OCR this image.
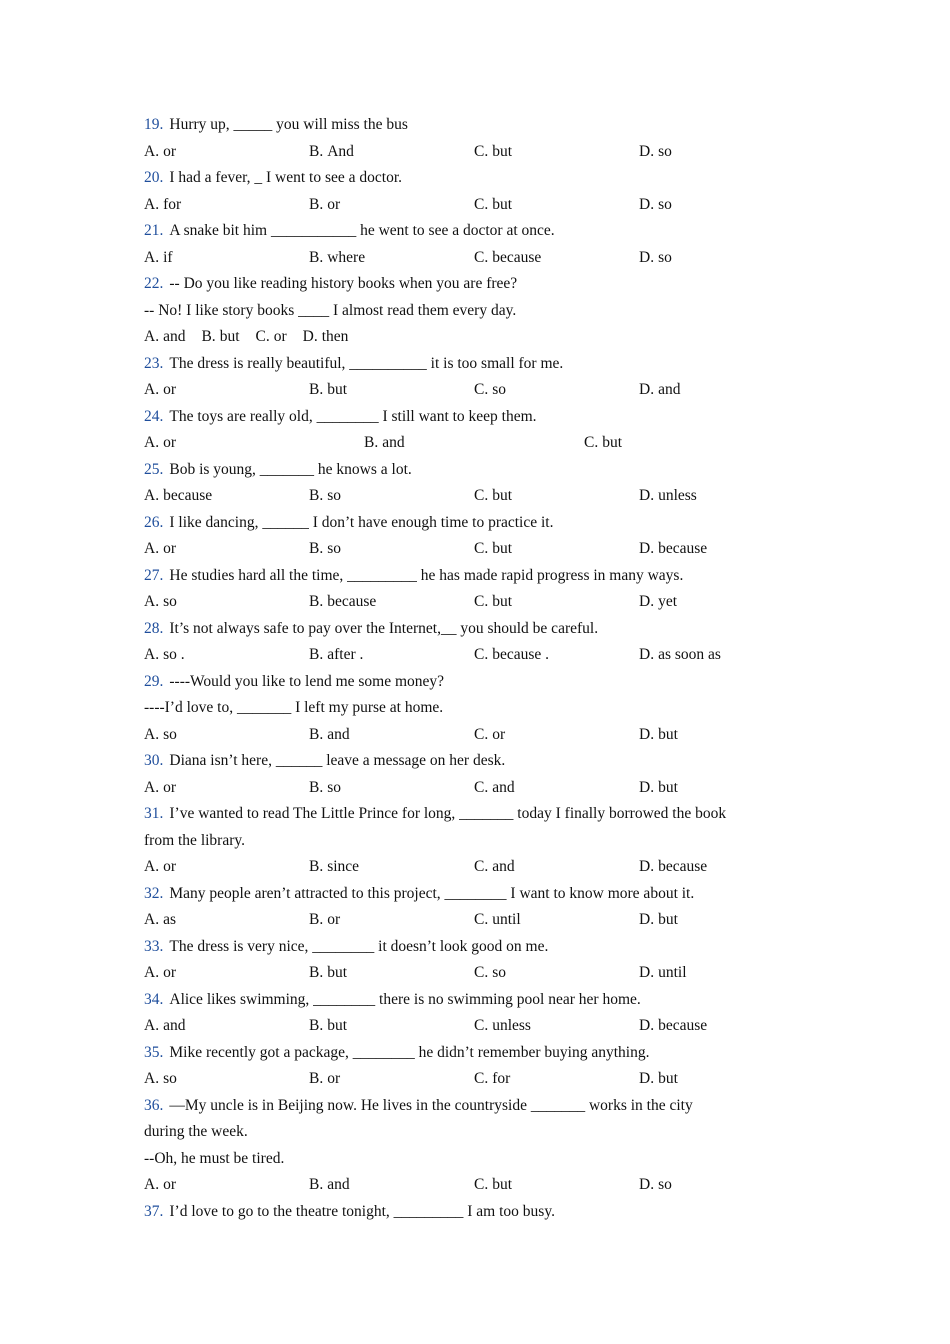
19. Hurry up, _____ you will miss the bus
A. or	B. And	C. but	D. so
20. I had a fever, _ I went to see a doctor.
A. for	B. or	C. but	D. so
21. A snake bit him ___________ he went to see a doctor at once.
A. if	B. where	C. because	D. so
22. -- Do you like reading history books when you are free?
-- No! I like story books ____ I almost read them every day.
A. and B. but C. or D. then
23. The dress is really beautiful, __________ it is too small for me.
A. or	B. but	C. so	D. and
24. The toys are really old, ________ I still want to keep them.
A. or	B. and	C. but
25. Bob is young, _______ he knows a lot.
A. because	B. so	C. but	D. unless
26. I like dancing, ______ I don’t have enough time to practice it.
A. or	B. so	C. but	D. because
27. He studies hard all the time, _________ he has made rapid progress in many ways.
A. so	B. because	C. but	D. yet
28. It’s not always safe to pay over the Internet,__ you should be careful.
A. so .	B. after .	C. because .	D. as soon as
29. ----Would you like to lend me some money?
----I’d love to, _______ I left my purse at home.
A. so	B. and	C. or	D. but
30. Diana isn’t here, ______ leave a message on her desk.
A. or	B. so	C. and	D. but
31. I’ve wanted to read The Little Prince for long, _______ today I finally borrowed the book
from the library.
A. or	B. since	C. and	D. because
32. Many people aren’t attracted to this project, ________ I want to know more about it.
A. as	B. or	C. until	D. but
33. The dress is very nice, ________ it doesn’t look good on me.
A. or	B. but	C. so	D. until
34. Alice likes swimming, ________ there is no swimming pool near her home.
A. and	B. but	C. unless	D. because
35. Mike recently got a package, ________ he didn’t remember buying anything.
A. so	B. or	C. for	D. but
36. —My uncle is in Beijing now. He lives in the countryside _______ works in the city
during the week.
--Oh, he must be tired.
A. or	B. and	C. but	D. so
37. I’d love to go to the theatre tonight, _________ I am too busy.
